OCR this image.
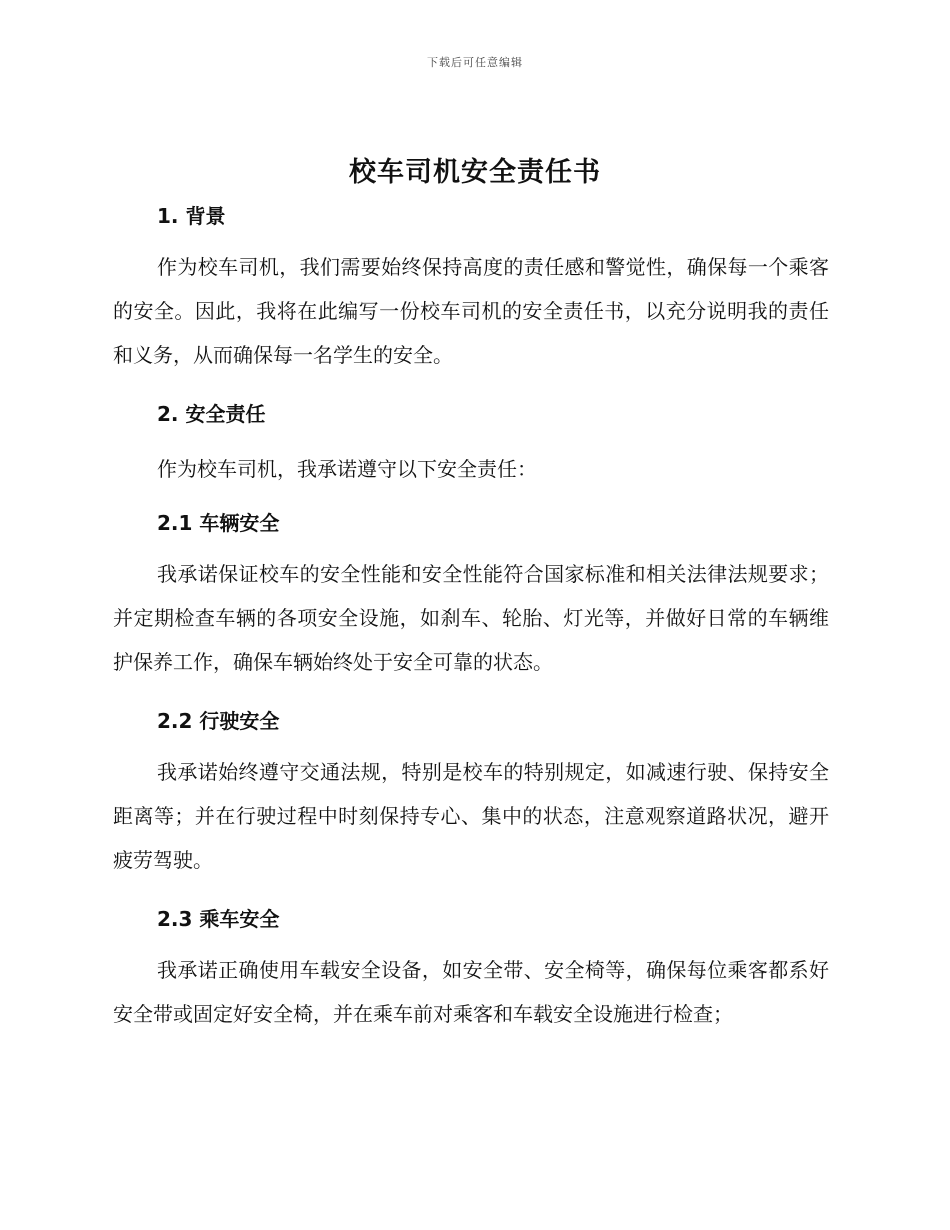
下载后可任意编辑
校车司机安全责任书
1. 背景
作为校车司机，我们需要始终保持高度的责任感和警觉性，确保每一个乘客的安全。因此，我将在此编写一份校车司机的安全责任书，以充分说明我的责任和义务，从而确保每一名学生的安全。
2. 安全责任
作为校车司机，我承诺遵守以下安全责任：
2.1 车辆安全
我承诺保证校车的安全性能和安全性能符合国家标准和相关法律法规要求；并定期检查车辆的各项安全设施，如刹车、轮胎、灯光等，并做好日常的车辆维护保养工作，确保车辆始终处于安全可靠的状态。
2.2 行驶安全
我承诺始终遵守交通法规，特别是校车的特别规定，如减速行驶、保持安全距离等；并在行驶过程中时刻保持专心、集中的状态，注意观察道路状况，避开疲劳驾驶。
2.3 乘车安全
我承诺正确使用车载安全设备，如安全带、安全椅等，确保每位乘客都系好安全带或固定好安全椅，并在乘车前对乘客和车载安全设施进行检查；
